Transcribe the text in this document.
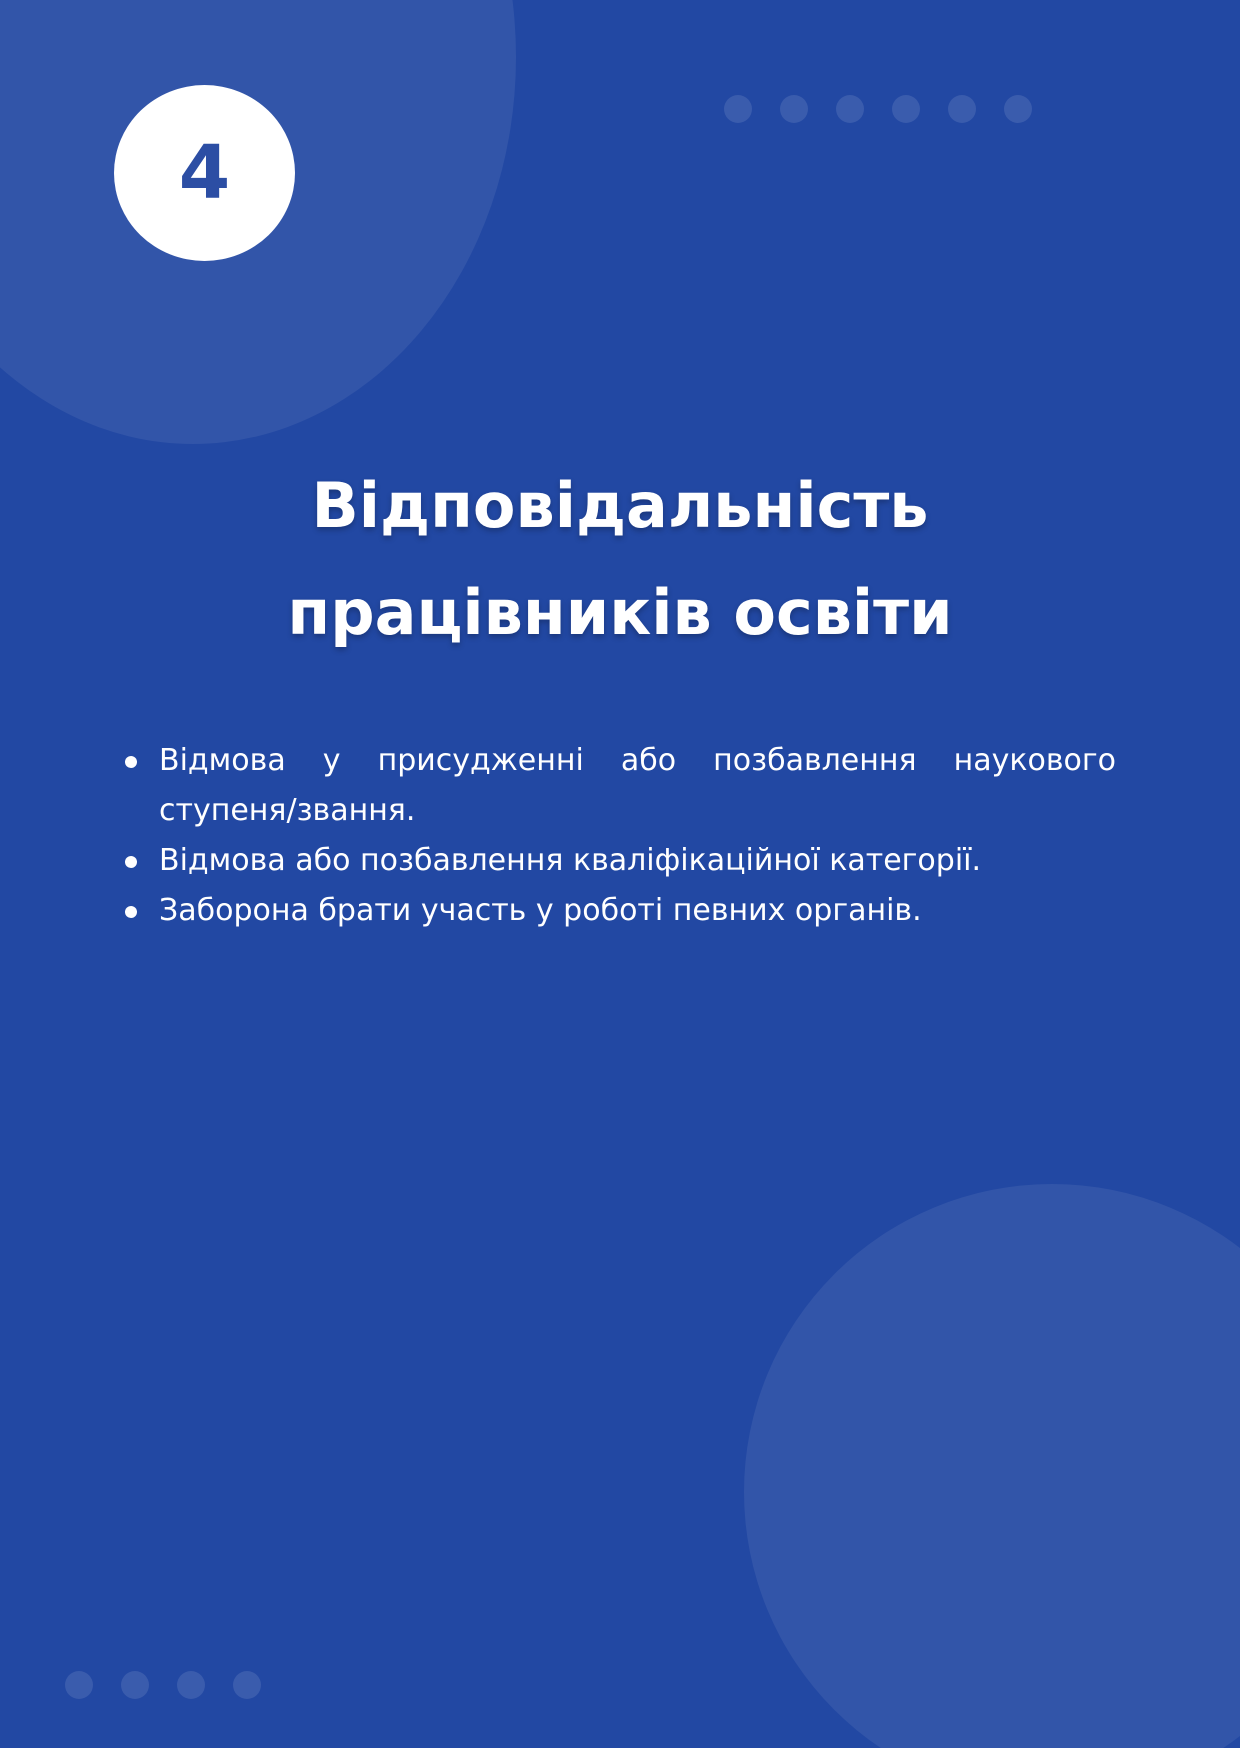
4
Відповідальність
працівників освіти
Відмова у присудженні або позбавлення наукового ступеня/звання.
Відмова або позбавлення кваліфікаційної категорії.
Заборона брати участь у роботі певних органів.
